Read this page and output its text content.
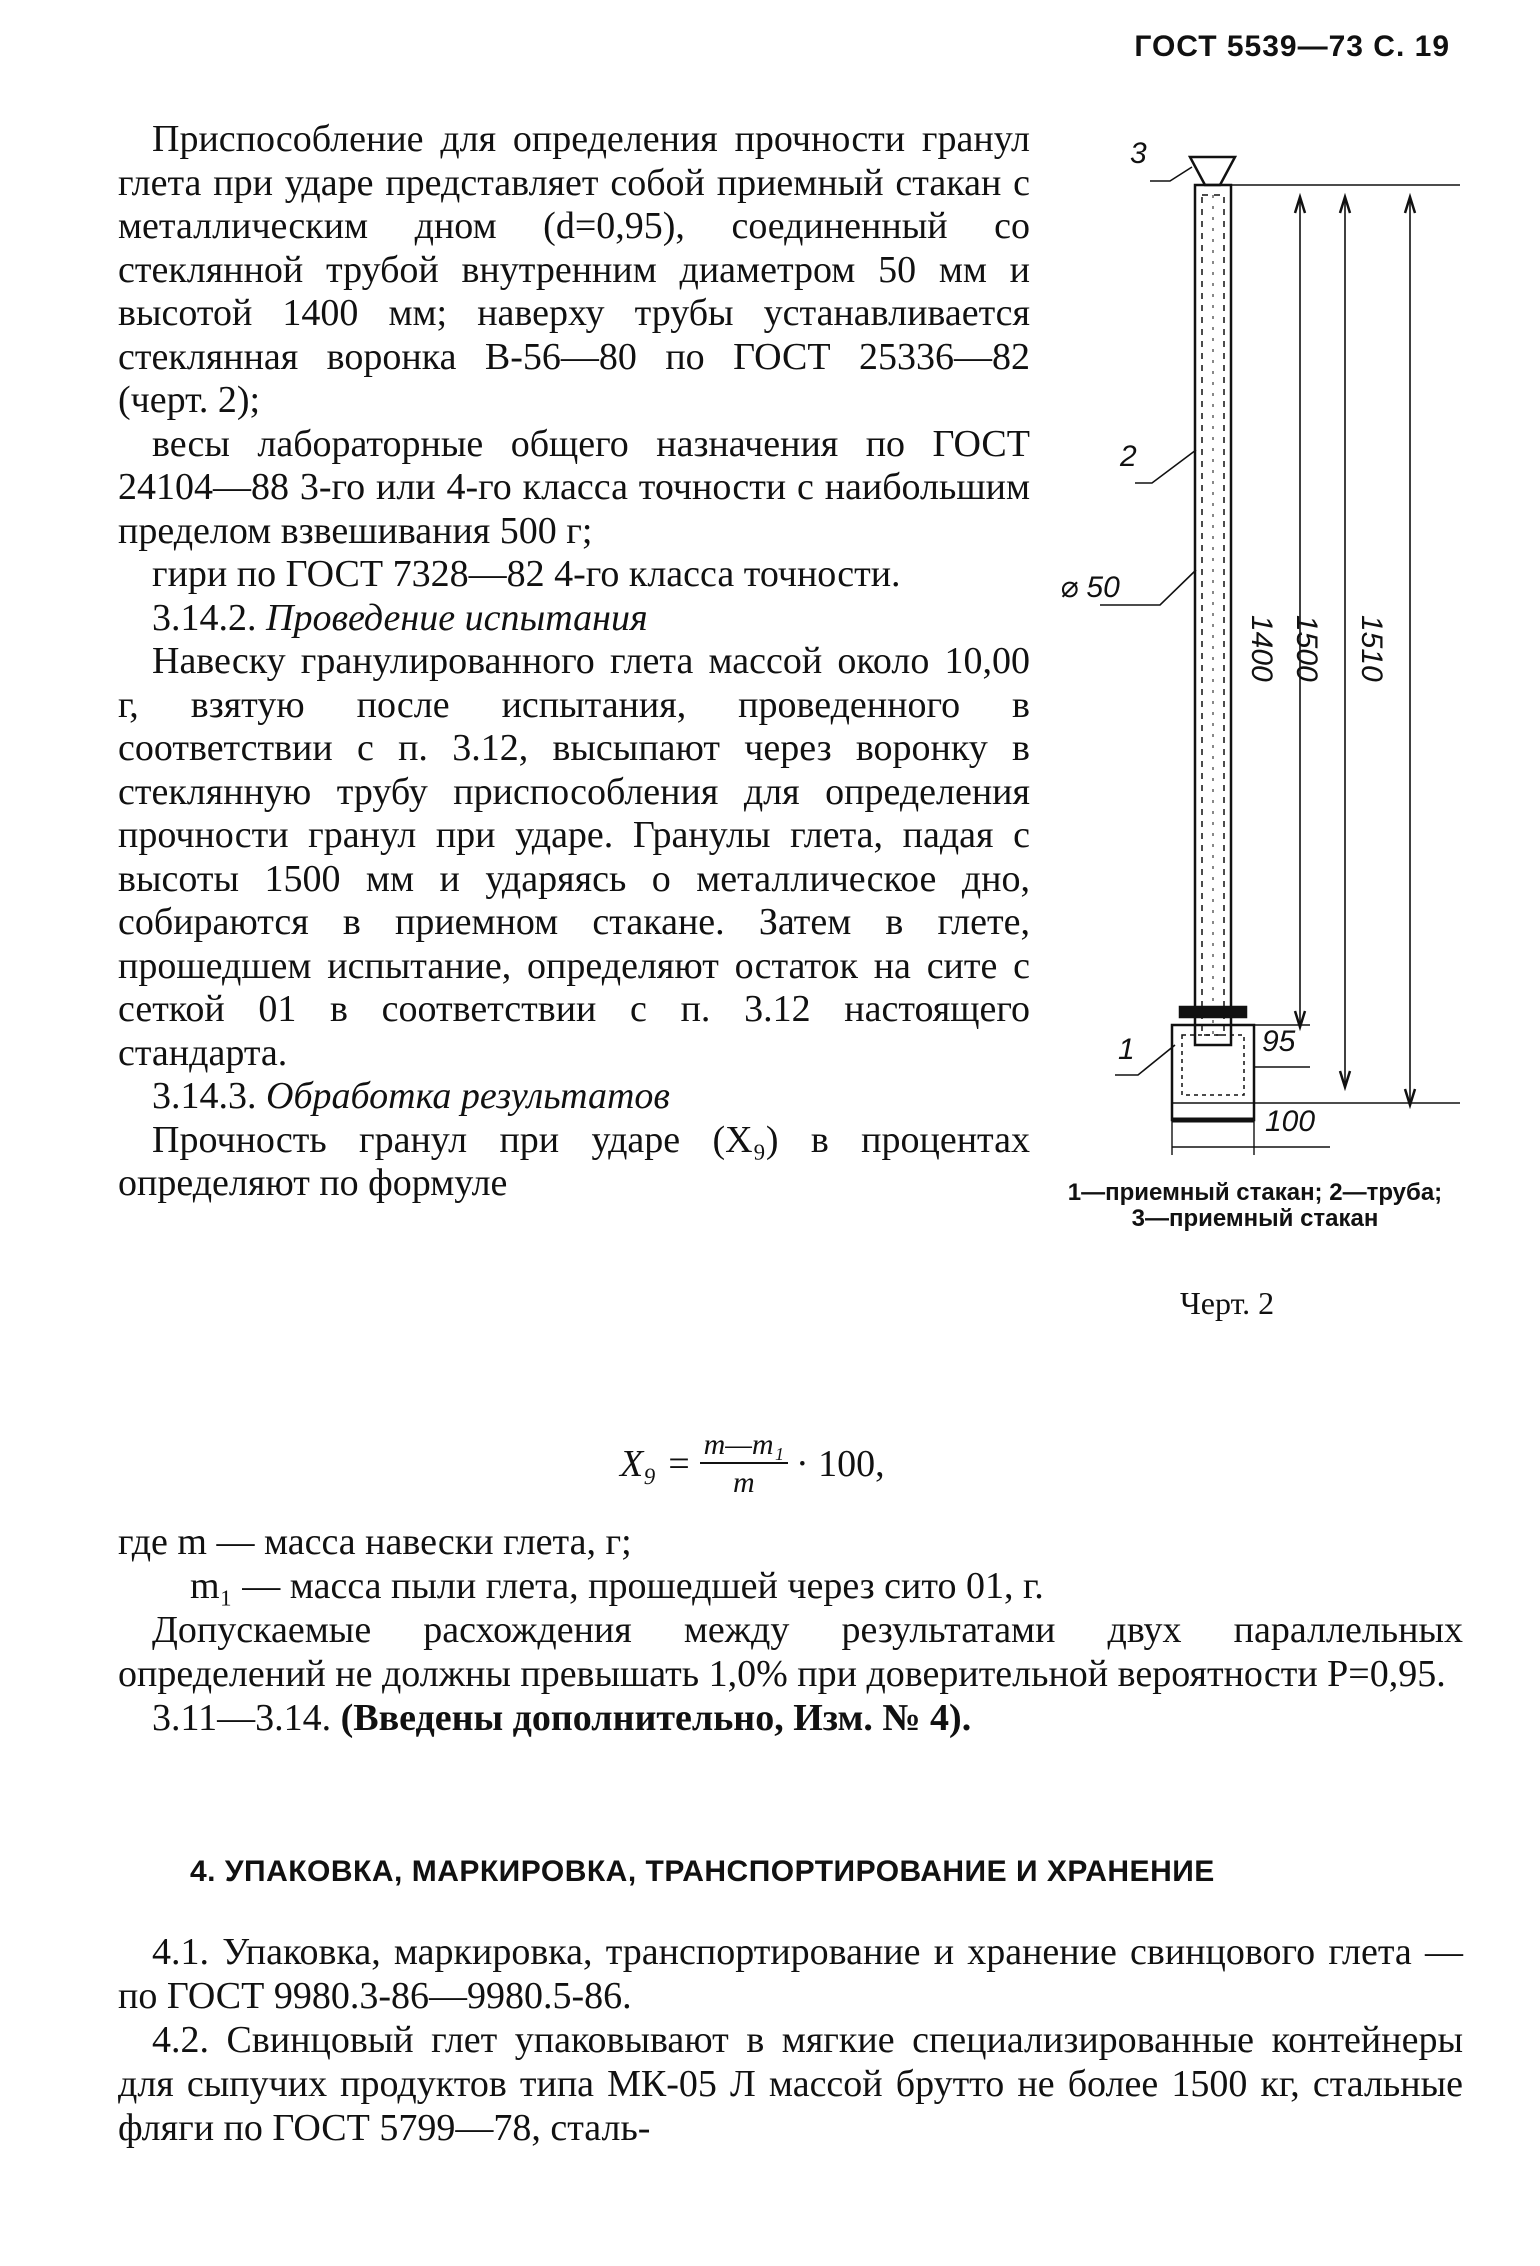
ГОСТ 5539—73 С. 19

Приспособление для определения прочности гранул глета при ударе представляет собой приемный стакан с металлическим дном (d=0,95), соединенный со стеклянной трубой внутренним диаметром 50 мм и высотой 1400 мм; наверху трубы устанавливается стеклянная воронка В-56—80 по ГОСТ 25336—82 (черт. 2);

весы лабораторные общего назначения по ГОСТ 24104—88 3-го или 4-го класса точности с наибольшим пределом взвешивания 500 г;

гири по ГОСТ 7328—82 4-го класса точности.

3.14.2. Проведение испытания

Навеску гранулированного глета массой около 10,00 г, взятую после испытания, проведенного в соответствии с п. 3.12, высыпают через воронку в стеклянную трубу приспособления для определения прочности гранул при ударе. Гранулы глета, падая с высоты 1500 мм и ударяясь о металлическое дно, собираются в приемном стакане. Затем в глете, прошедшем испытание, определяют остаток на сите с сеткой 01 в соответствии с п. 3.12 настоящего стандарта.

3.14.3. Обработка результатов

Прочность гранул при ударе (X₉) в процентах определяют по формуле

3
2
⌀ 50
1
1400 1500 1510
95
100
1—приемный стакан; 2—труба; 3—приемный стакан
Черт. 2
$X_9 = \frac{\text{m—m₁}}{m} \cdot 100$,

где m — масса навески глета, г;

m₁ — масса пыли глета, прошедшей через сито 01, г.

Допускаемые расхождения между результатами двух параллельных определений не должны превышать 1,0% при доверительной вероятности P=0,95.

3.11—3.14. (Введены дополнительно, Изм. № 4).

4. УПАКОВКА, МАРКИРОВКА, ТРАНСПОРТИРОВАНИЕ И ХРАНЕНИЕ

4.1. Упаковка, маркировка, транспортирование и хранение свинцового глета — по ГОСТ 9980.3-86—9980.5-86.

4.2. Свинцовый глет упаковывают в мягкие специализированные контейнеры для сыпучих продуктов типа МК-05 Л массой брутто не более 1500 кг, стальные фляги по ГОСТ 5799—78, сталь-
